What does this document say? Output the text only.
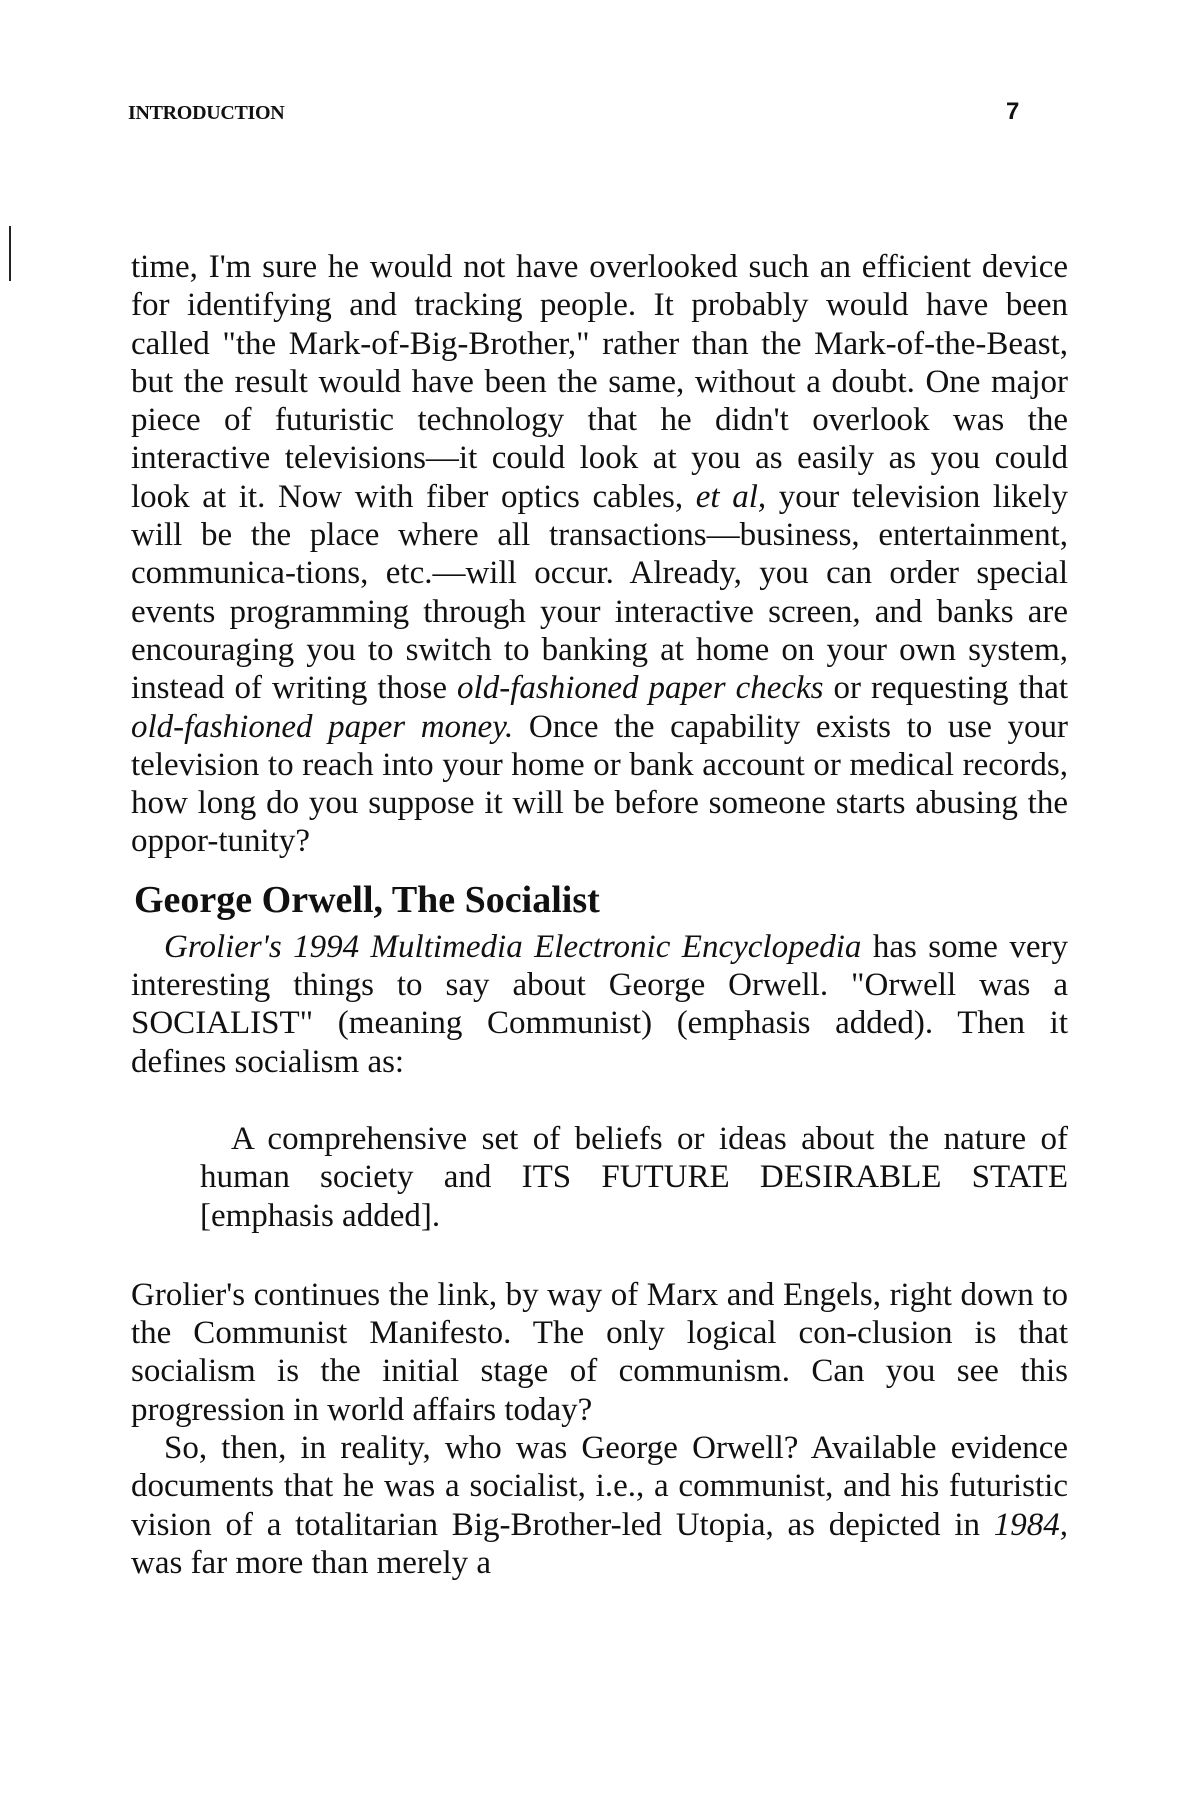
INTRODUCTION	7

time, I'm sure he would not have overlooked such an efficient device for identifying and tracking people. It probably would have been called "the Mark-of-Big-Brother," rather than the Mark-of-the-Beast, but the result would have been the same, without a doubt. One major piece of futuristic technology that he didn't overlook was the interactive televisions—it could look at you as easily as you could look at it. Now with fiber optics cables, et al, your television likely will be the place where all transactions—business, entertainment, communica-tions, etc.—will occur. Already, you can order special events programming through your interactive screen, and banks are encouraging you to switch to banking at home on your own system, instead of writing those old-fashioned paper checks or requesting that old-fashioned paper money. Once the capability exists to use your television to reach into your home or bank account or medical records, how long do you suppose it will be before someone starts abusing the oppor-tunity?

George Orwell, The Socialist

Grolier's 1994 Multimedia Electronic Encyclopedia has some very interesting things to say about George Orwell. "Orwell was a SOCIALIST" (meaning Communist) (emphasis added). Then it defines socialism as:

A comprehensive set of beliefs or ideas about the nature of human society and ITS FUTURE DESIRABLE STATE [emphasis added].

Grolier's continues the link, by way of Marx and Engels, right down to the Communist Manifesto. The only logical con-clusion is that socialism is the initial stage of communism. Can you see this progression in world affairs today?

So, then, in reality, who was George Orwell? Available evidence documents that he was a socialist, i.e., a communist, and his futuristic vision of a totalitarian Big-Brother-led Utopia, as depicted in 1984, was far more than merely a
